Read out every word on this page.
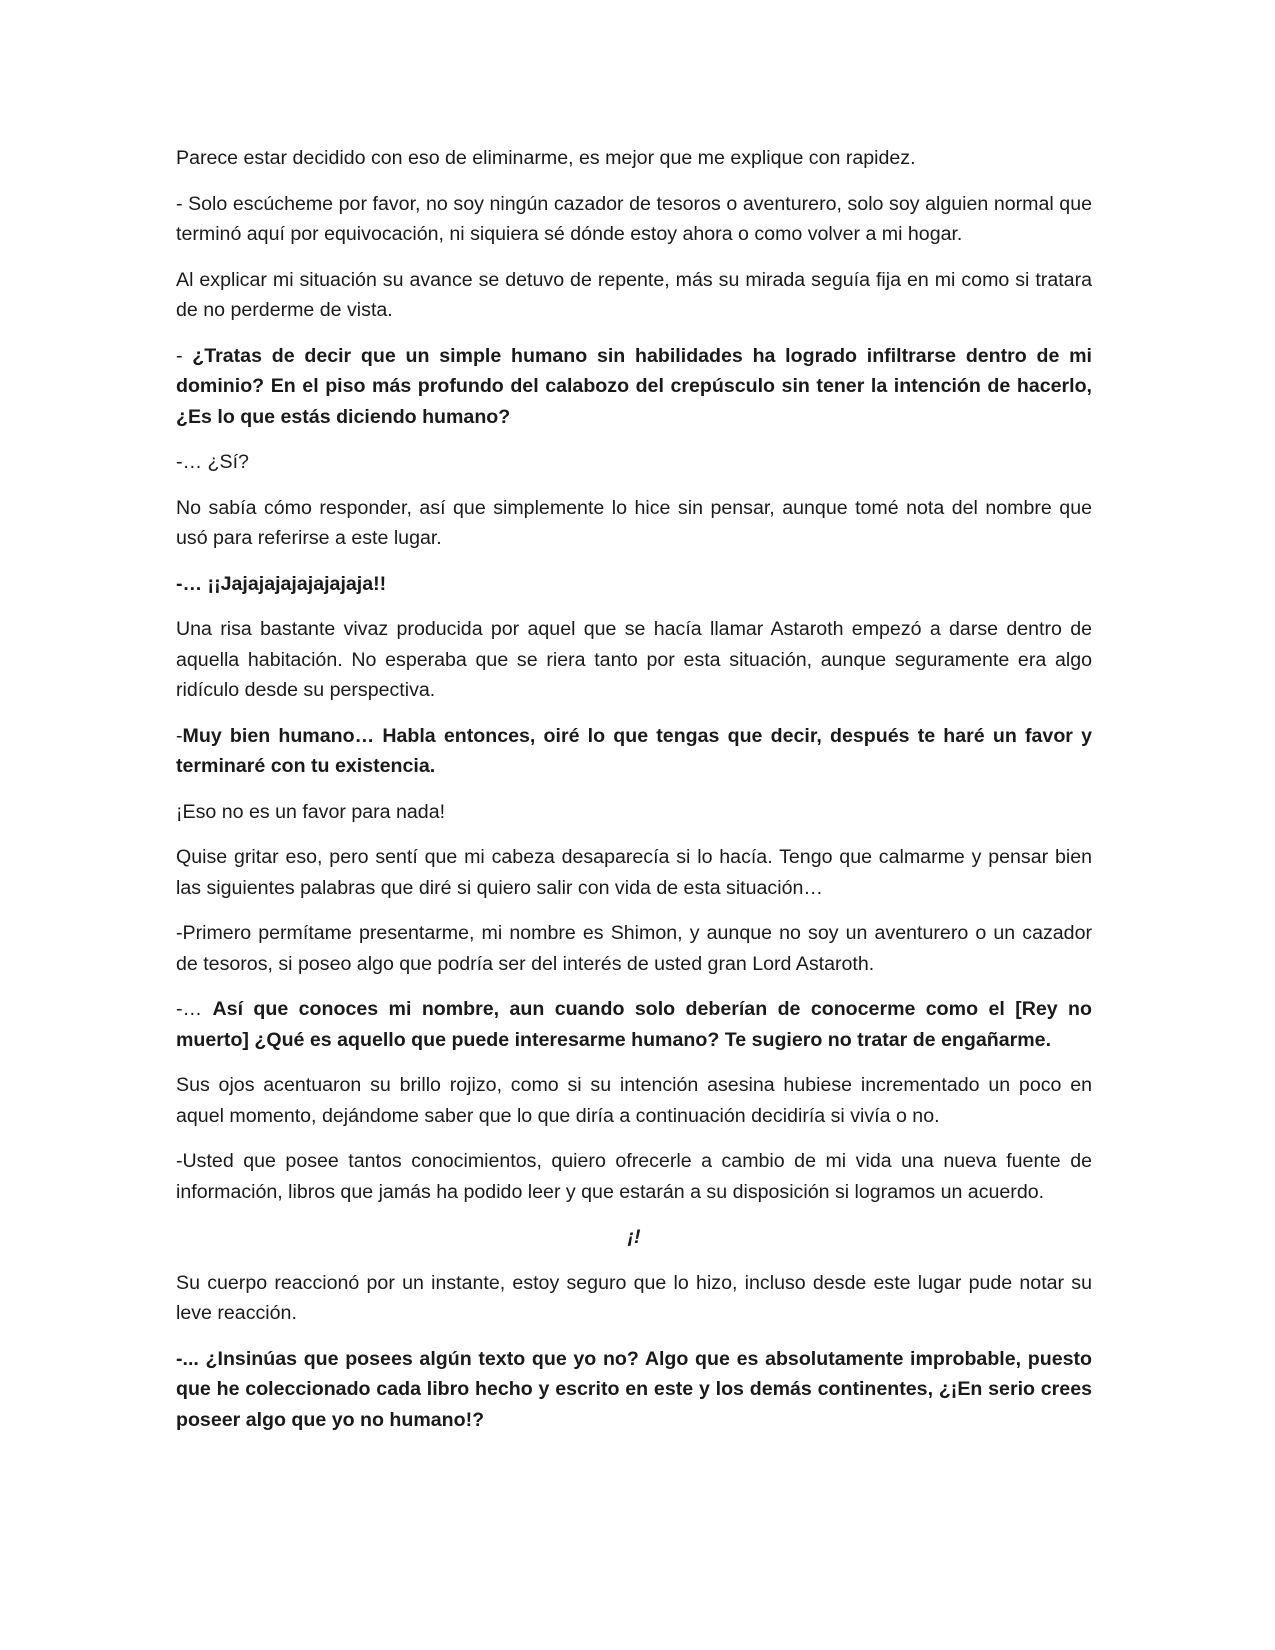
Parece estar decidido con eso de eliminarme, es mejor que me explique con rapidez.

- Solo escúcheme por favor, no soy ningún cazador de tesoros o aventurero, solo soy alguien normal que terminó aquí por equivocación, ni siquiera sé dónde estoy ahora o como volver a mi hogar.

Al explicar mi situación su avance se detuvo de repente, más su mirada seguía fija en mi como si tratara de no perderme de vista.

- ¿Tratas de decir que un simple humano sin habilidades ha logrado infiltrarse dentro de mi dominio? En el piso más profundo del calabozo del crepúsculo sin tener la intención de hacerlo, ¿Es lo que estás diciendo humano?

-… ¿Sí?

No sabía cómo responder, así que simplemente lo hice sin pensar, aunque tomé nota del nombre que usó para referirse a este lugar.

-… ¡¡Jajajajajajajajaja!!

Una risa bastante vivaz producida por aquel que se hacía llamar Astaroth empezó a darse dentro de aquella habitación. No esperaba que se riera tanto por esta situación, aunque seguramente era algo ridículo desde su perspectiva.

-Muy bien humano… Habla entonces, oiré lo que tengas que decir, después te haré un favor y terminaré con tu existencia.

¡Eso no es un favor para nada!

Quise gritar eso, pero sentí que mi cabeza desaparecía si lo hacía. Tengo que calmarme y pensar bien las siguientes palabras que diré si quiero salir con vida de esta situación…

-Primero permítame presentarme, mi nombre es Shimon, y aunque no soy un aventurero o un cazador de tesoros, si poseo algo que podría ser del interés de usted gran Lord Astaroth.

-… Así que conoces mi nombre, aun cuando solo deberían de conocerme como el [Rey no muerto] ¿Qué es aquello que puede interesarme humano? Te sugiero no tratar de engañarme.

Sus ojos acentuaron su brillo rojizo, como si su intención asesina hubiese incrementado un poco en aquel momento, dejándome saber que lo que diría a continuación decidiría si vivía o no.

-Usted que posee tantos conocimientos, quiero ofrecerle a cambio de mi vida una nueva fuente de información, libros que jamás ha podido leer y que estarán a su disposición si logramos un acuerdo.

¡!

Su cuerpo reaccionó por un instante, estoy seguro que lo hizo, incluso desde este lugar pude notar su leve reacción.

-... ¿Insinúas que posees algún texto que yo no? Algo que es absolutamente improbable, puesto que he coleccionado cada libro hecho y escrito en este y los demás continentes, ¿¡En serio crees poseer algo que yo no humano!?
